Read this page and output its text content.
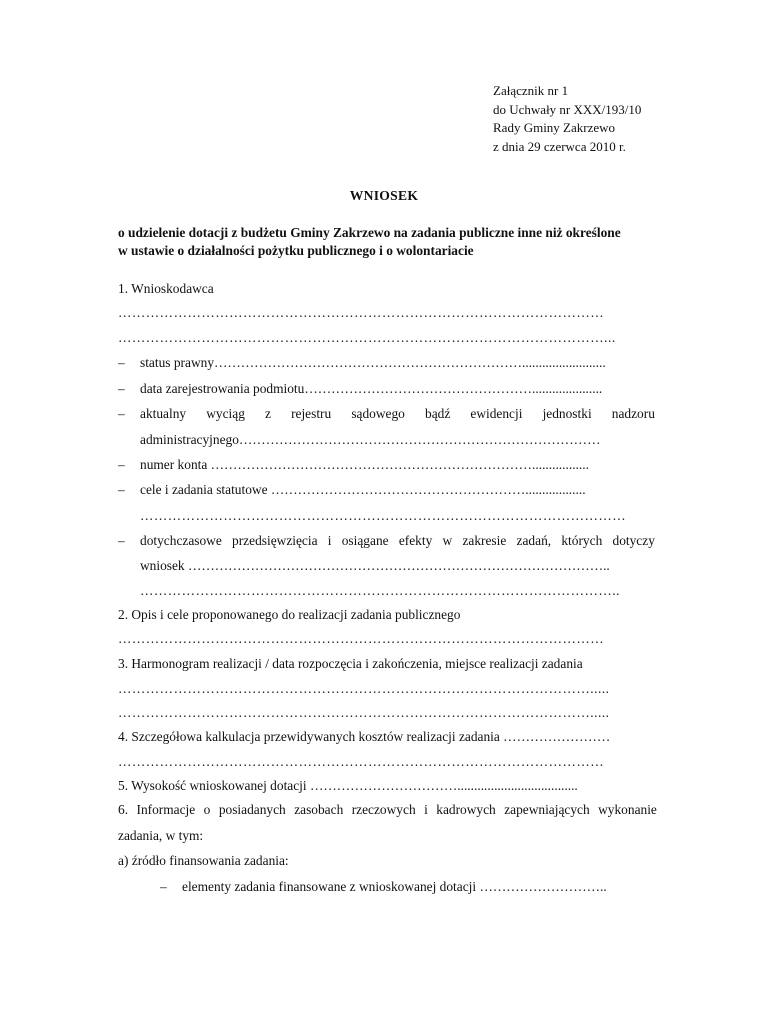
Załącznik nr 1
do Uchwały nr XXX/193/10
Rady Gminy Zakrzewo
z dnia 29 czerwca 2010 r.
WNIOSEK
o udzielenie dotacji z budżetu Gminy Zakrzewo na zadania publiczne inne niż określone
w ustawie o działalności pożytku publicznego i o wolontariacie
1. Wnioskodawca
……………………………………………………………………………………………
……………………………………………………………………………………………...
– status prawny…………………………………………………………….........................
– data zarejestrowania podmiotu…………………………………………….....................
– aktualny wyciąg z rejestru sądowego bądź ewidencji jednostki nadzoru
administracyjnego………………………………………………………………………
– numer konta ……………………………………………………………….................
– cele i zadania statutowe …………………………………………………..................
……………………………………………………………………………………………
– dotychczasowe przedsięwzięcia i osiągane efekty w zakresie zadań, których dotyczy
wniosek …………………………………………………………………………………..
…………………………………………………………………………………………..
2. Opis i cele proponowanego do realizacji zadania publicznego
……………………………………………………………………………………………
3. Harmonogram realizacji / data rozpoczęcia i zakończenia, miejsce realizacji zadania
………………………………………………………………………………………….....
………………………………………………………………………………………….....
4. Szczegółowa kalkulacja przewidywanych kosztów realizacji zadania ……………………
……………………………………………………………………………………………
5. Wysokość wnioskowanej dotacji ……………………………....................................
6. Informacje o posiadanych zasobach rzeczowych i kadrowych zapewniających wykonanie
zadania, w tym:
a) źródło finansowania zadania:
– elementy zadania finansowane z wnioskowanej dotacji ………………………..
